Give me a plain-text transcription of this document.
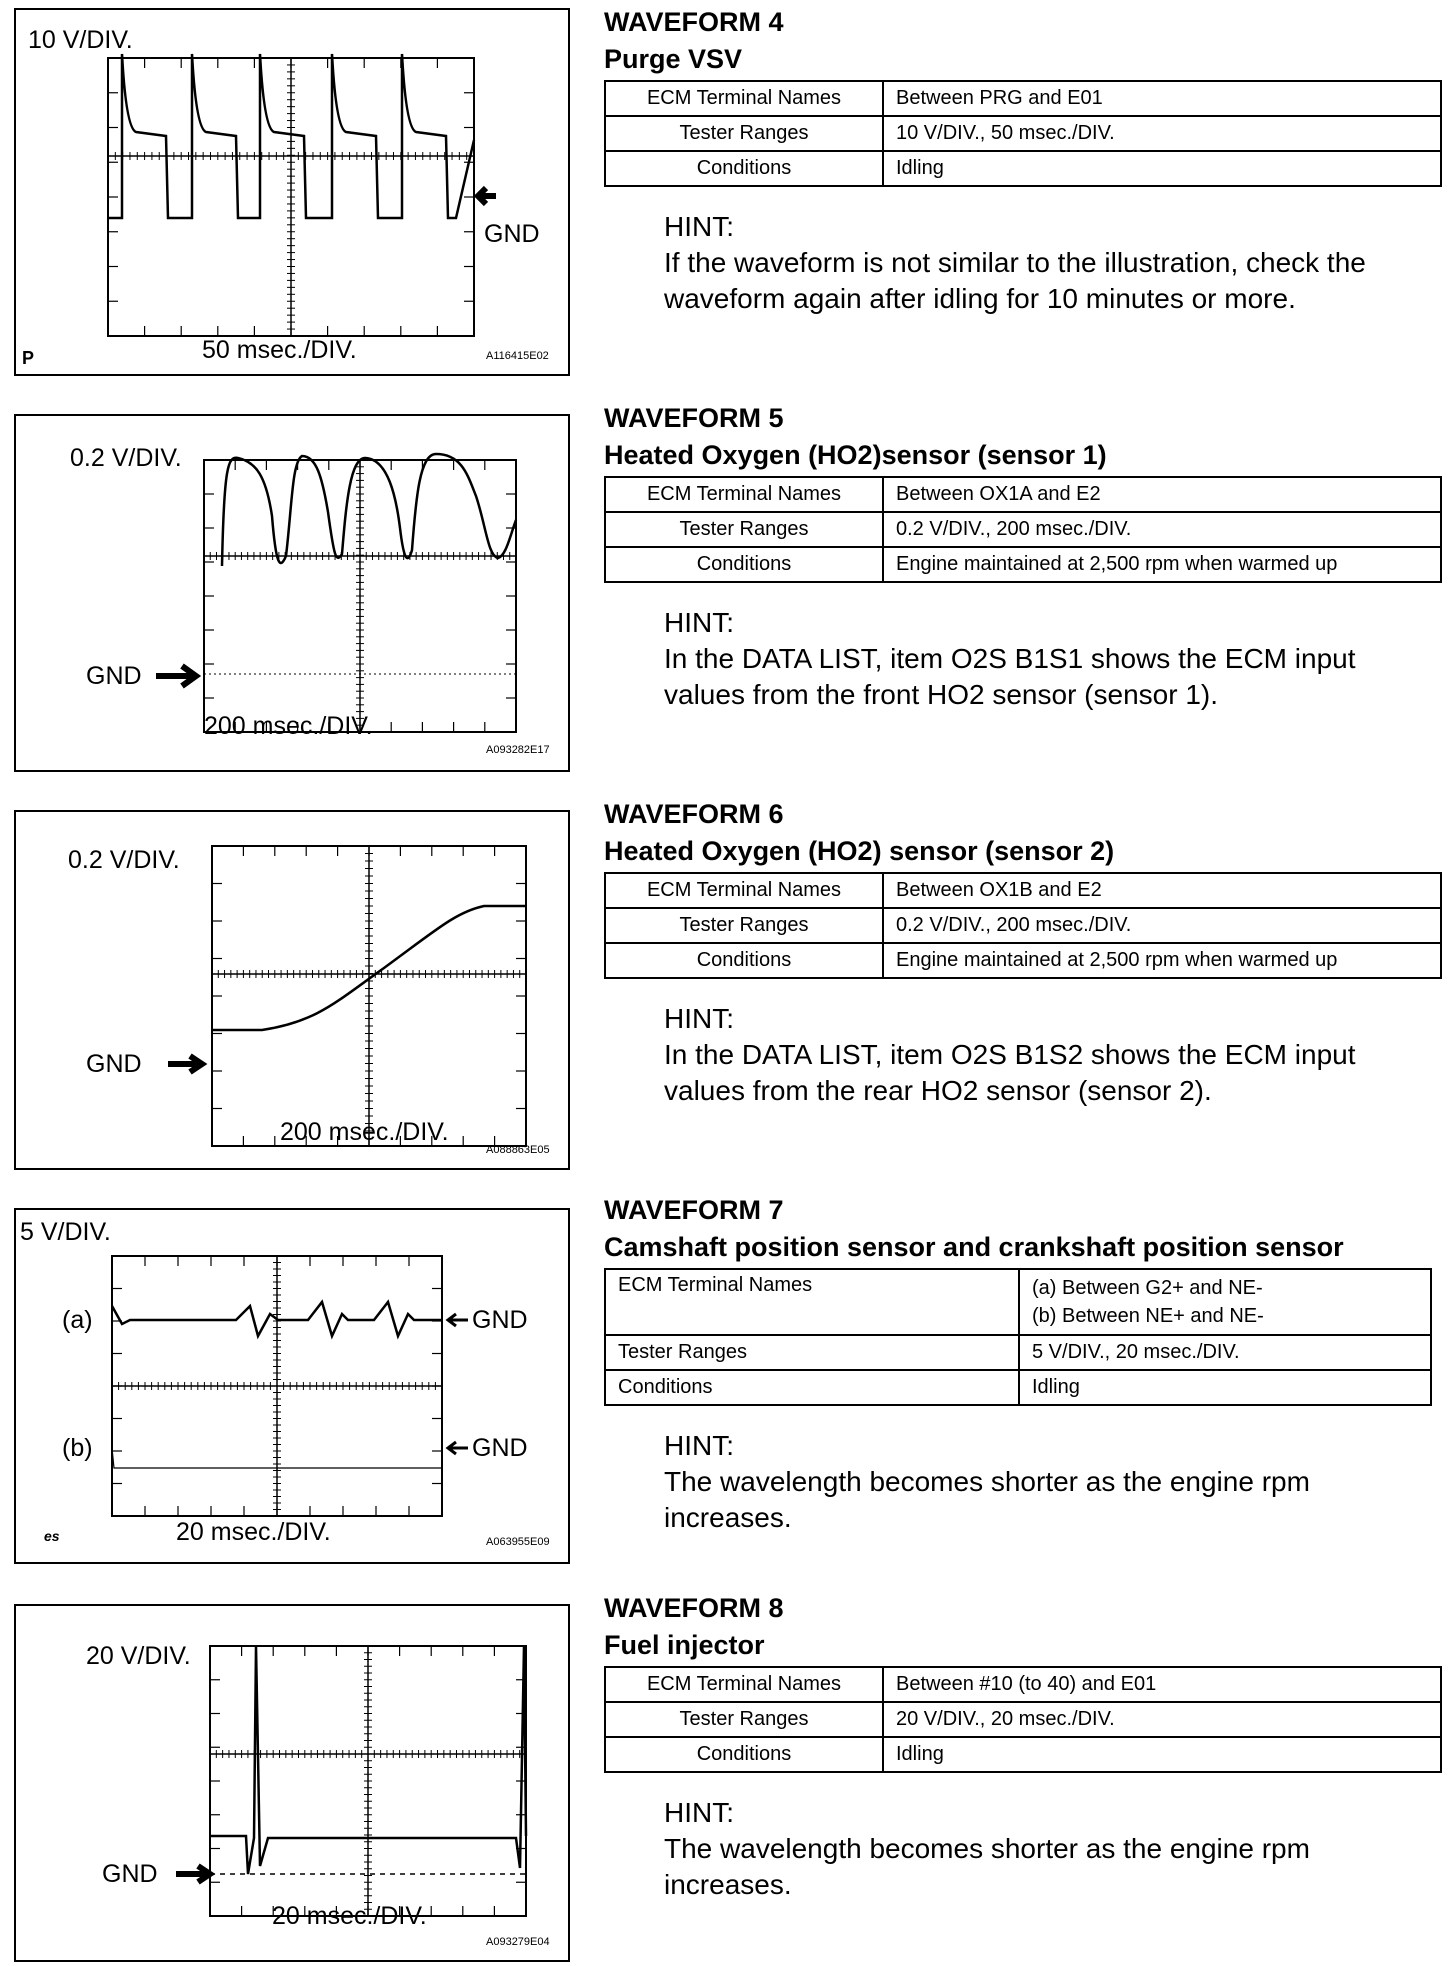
10 V/DIV.
GND
50 msec./DIV.
P	A116415E02

WAVEFORM 4

Purge VSV

ECM Terminal Names	Between PRG and E01
Tester Ranges	10 V/DIV., 50 msec./DIV.
Conditions	Idling

HINT:

If the waveform is not similar to the illustration, check the waveform again after idling for 10 minutes or more.

0.2 V/DIV.
GND
200 msec./DIV.
A093282E17

WAVEFORM 5

Heated Oxygen (HO2)sensor (sensor 1)

ECM Terminal Names	Between OX1A and E2
Tester Ranges	0.2 V/DIV., 200 msec./DIV.
Conditions	Engine maintained at 2,500 rpm when warmed up

HINT:

In the DATA LIST, item O2S B1S1 shows the ECM input values from the front HO2 sensor (sensor 1).

0.2 V/DIV.
GND
200 msec./DIV.
A088863E05

WAVEFORM 6

Heated Oxygen (HO2) sensor (sensor 2)

ECM Terminal Names	Between OX1B and E2
Tester Ranges	0.2 V/DIV., 200 msec./DIV.
Conditions	Engine maintained at 2,500 rpm when warmed up

HINT:

In the DATA LIST, item O2S B1S2 shows the ECM input values from the rear HO2 sensor (sensor 2).

5 V/DIV.
(a)
(b)
GND
GND
20 msec./DIV.
es	A063955E09

WAVEFORM 7

Camshaft position sensor and crankshaft position sensor

ECM Terminal Names	(a) Between G2+ and NE-
(b) Between NE+ and NE-

Tester Ranges	5 V/DIV., 20 msec./DIV.
Conditions	Idling

HINT:

The wavelength becomes shorter as the engine rpm increases.

20 V/DIV.
GND
20 msec./DIV.
A093279E04

WAVEFORM 8

Fuel injector

ECM Terminal Names	Between #10 (to 40) and E01
Tester Ranges	20 V/DIV., 20 msec./DIV.
Conditions	Idling

HINT:

The wavelength becomes shorter as the engine rpm increases.
